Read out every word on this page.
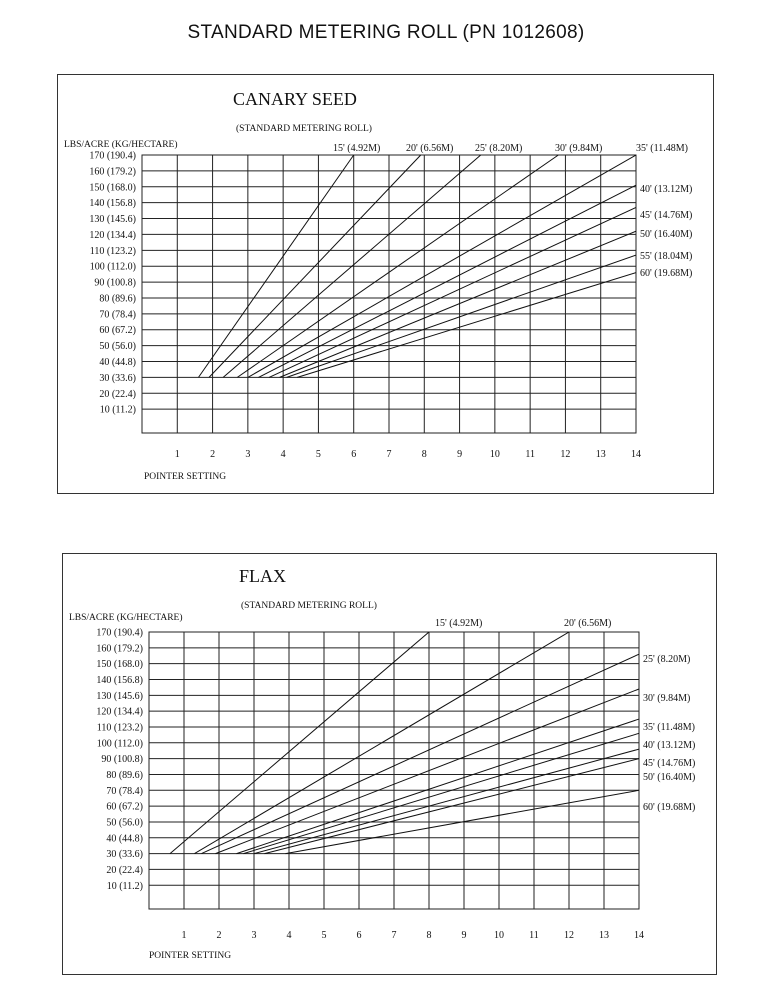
STANDARD METERING ROLL (PN 1012608)
CANARY SEED
(STANDARD METERING ROLL)
LBS/ACRE (KG/HECTARE)
POINTER SETTING
170 (190.4)
160 (179.2)
150 (168.0)
140 (156.8)
130 (145.6)
120 (134.4)
110 (123.2)
100 (112.0)
90 (100.8)
80 (89.6)
70 (78.4)
60 (67.2)
50 (56.0)
40 (44.8)
30 (33.6)
20 (22.4)
10 (11.2)
1	2	3	4	5	6	7	8	9	10	11	12	13	14
15' (4.92M)	20' (6.56M) 25' (8.20M)	30' (9.84M)	35' (11.48M)
40' (13.12M)
45' (14.76M)
50' (16.40M)
55' (18.04M)
60' (19.68M)
FLAX
(STANDARD METERING ROLL)
LBS/ACRE (KG/HECTARE)
POINTER SETTING
170 (190.4)
160 (179.2)
150 (168.0)
140 (156.8)
130 (145.6)
120 (134.4)
110 (123.2)
100 (112.0)
90 (100.8)
80 (89.6)
70 (78.4)
60 (67.2)
50 (56.0)
40 (44.8)
30 (33.6)
20 (22.4)
10 (11.2)
1	2	3	4	5	6	7	8	9	10	11	12	13	14
15' (4.92M)	20' (6.56M)
25' (8.20M)
30' (9.84M)
35' (11.48M)
40' (13.12M)
45' (14.76M)
50' (16.40M)
60' (19.68M)
